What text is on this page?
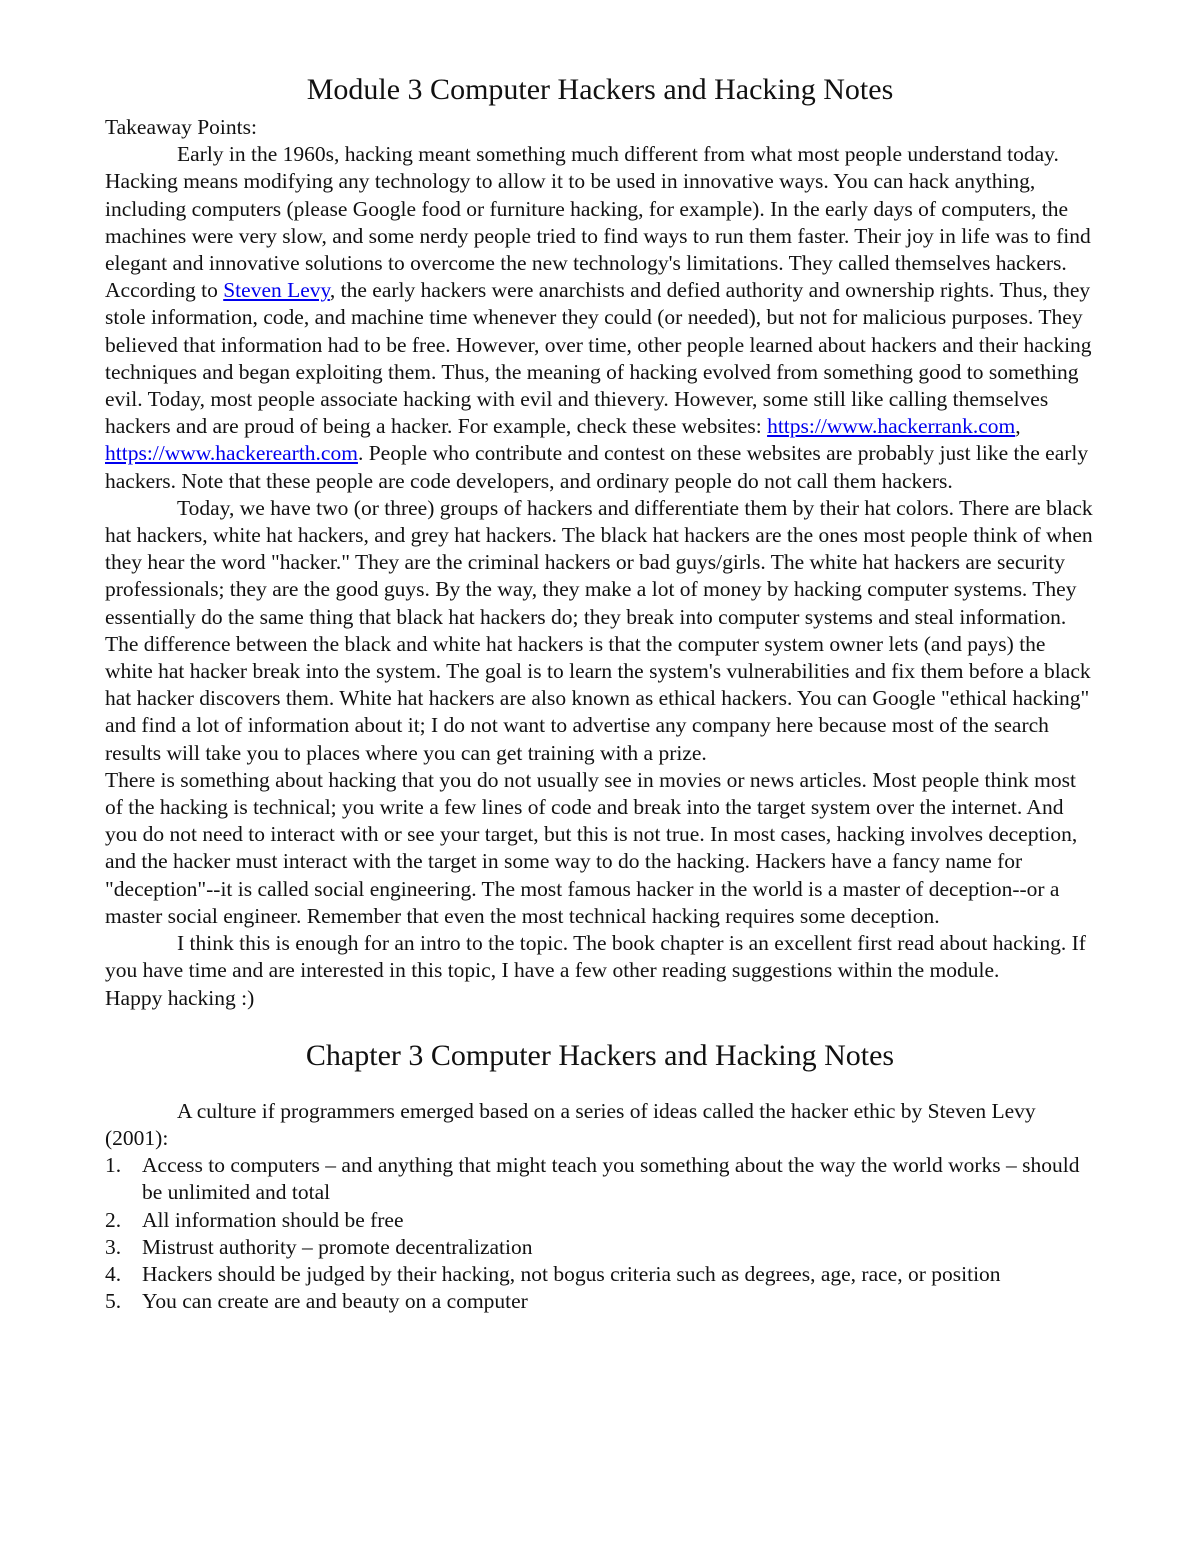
Module 3 Computer Hackers and Hacking Notes

Takeaway Points:

Early in the 1960s, hacking meant something much different from what most people understand today. Hacking means modifying any technology to allow it to be used in innovative ways. You can hack anything, including computers (please Google food or furniture hacking, for example). In the early days of computers, the machines were very slow, and some nerdy people tried to find ways to run them faster. Their joy in life was to find elegant and innovative solutions to overcome the new technology's limitations. They called themselves hackers. According to Steven Levy, the early hackers were anarchists and defied authority and ownership rights. Thus, they stole information, code, and machine time whenever they could (or needed), but not for malicious purposes. They believed that information had to be free. However, over time, other people learned about hackers and their hacking techniques and began exploiting them. Thus, the meaning of hacking evolved from something good to something evil. Today, most people associate hacking with evil and thievery. However, some still like calling themselves hackers and are proud of being a hacker. For example, check these websites: https://www.hackerrank.com, https://www.hackerearth.com. People who contribute and contest on these websites are probably just like the early hackers. Note that these people are code developers, and ordinary people do not call them hackers.

Today, we have two (or three) groups of hackers and differentiate them by their hat colors. There are black hat hackers, white hat hackers, and grey hat hackers. The black hat hackers are the ones most people think of when they hear the word "hacker." They are the criminal hackers or bad guys/girls. The white hat hackers are security professionals; they are the good guys. By the way, they make a lot of money by hacking computer systems. They essentially do the same thing that black hat hackers do; they break into computer systems and steal information. The difference between the black and white hat hackers is that the computer system owner lets (and pays) the white hat hacker break into the system. The goal is to learn the system's vulnerabilities and fix them before a black hat hacker discovers them. White hat hackers are also known as ethical hackers. You can Google "ethical hacking" and find a lot of information about it; I do not want to advertise any company here because most of the search results will take you to places where you can get training with a prize.

There is something about hacking that you do not usually see in movies or news articles. Most people think most of the hacking is technical; you write a few lines of code and break into the target system over the internet. And you do not need to interact with or see your target, but this is not true. In most cases, hacking involves deception, and the hacker must interact with the target in some way to do the hacking. Hackers have a fancy name for "deception"--it is called social engineering. The most famous hacker in the world is a master of deception--or a master social engineer. Remember that even the most technical hacking requires some deception.

I think this is enough for an intro to the topic. The book chapter is an excellent first read about hacking. If you have time and are interested in this topic, I have a few other reading suggestions within the module.

Happy hacking :)

Chapter 3 Computer Hackers and Hacking Notes

A culture if programmers emerged based on a series of ideas called the hacker ethic by Steven Levy (2001):

1. Access to computers – and anything that might teach you something about the way the world works – should be unlimited and total
2. All information should be free
3. Mistrust authority – promote decentralization
4. Hackers should be judged by their hacking, not bogus criteria such as degrees, age, race, or position
5. You can create are and beauty on a computer
